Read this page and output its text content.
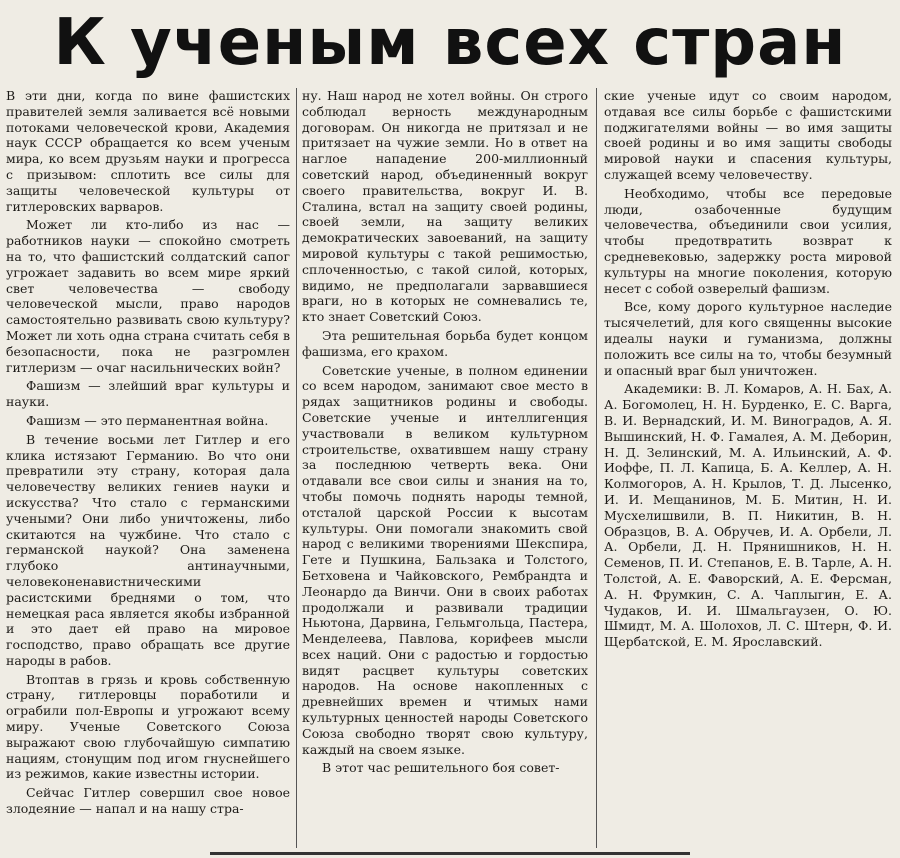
К ученым всех стран

В эти дни, когда по вине фашистских правителей земля заливается всё новыми потоками человеческой крови, Академия наук СССР обращается ко всем ученым мира, ко всем друзьям науки и прогресса с призывом: сплотить все силы для защиты человеческой культуры от гитлеровских варваров.

Может ли кто-либо из нас — работников науки — спокойно смотреть на то, что фашистский солдатский сапог угрожает задавить во всем мире яркий свет человечества — свободу человеческой мысли, право народов самостоятельно развивать свою культуру? Может ли хоть одна страна считать себя в безопасности, пока не разгромлен гитлеризм — очаг насильнических войн?

Фашизм — злейший враг культуры и науки.

Фашизм — это перманентная война.

В течение восьми лет Гитлер и его клика истязают Германию. Во что они превратили эту страну, которая дала человечеству великих гениев науки и искусства? Что стало с германскими учеными? Они либо уничтожены, либо скитаются на чужбине. Что стало с германской наукой? Она заменена глубоко антинаучными, человеконенавистническими расистскими бреднями о том, что немецкая раса является якобы избранной и это дает ей право на мировое господство, право обращать все другие народы в рабов.

Втоптав в грязь и кровь собственную страну, гитлеровцы поработили и ограбили пол-Европы и угрожают всему миру. Ученые Советского Союза выражают свою глубочайшую симпатию нациям, стонущим под игом гнуснейшего из режимов, какие известны истории.

Сейчас Гитлер совершил свое новое злодеяние — напал и на нашу стра-

ну. Наш народ не хотел войны. Он строго соблюдал верность международным договорам. Он никогда не притязал и не притязает на чужие земли. Но в ответ на наглое нападение 200-миллионный советский народ, объединенный вокруг своего правительства, вокруг И. В. Сталина, встал на защиту своей родины, своей земли, на защиту великих демократических завоеваний, на защиту мировой культуры с такой решимостью, сплоченностью, с такой силой, которых, видимо, не предполагали зарвавшиеся враги, но в которых не сомневались те, кто знает Советский Союз.

Эта решительная борьба будет концом фашизма, его крахом.

Советские ученые, в полном единении со всем народом, занимают свое место в рядах защитников родины и свободы. Советские ученые и интеллигенция участвовали в великом культурном строительстве, охватившем нашу страну за последнюю четверть века. Они отдавали все свои силы и знания на то, чтобы помочь поднять народы темной, отсталой царской России к высотам культуры. Они помогали знакомить свой народ с великими творениями Шекспира, Гете и Пушкина, Бальзака и Толстого, Бетховена и Чайковского, Рембрандта и Леонардо да Винчи. Они в своих работах продолжали и развивали традиции Ньютона, Дарвина, Гельмгольца, Пастера, Менделеева, Павлова, корифеев мысли всех наций. Они с радостью и гордостью видят расцвет культуры советских народов. На основе накопленных с древнейших времен и чтимых нами культурных ценностей народы Советского Союза свободно творят свою культуру, каждый на своем языке.

В этот час решительного боя совет-

ские ученые идут со своим народом, отдавая все силы борьбе с фашистскими поджигателями войны — во имя защиты своей родины и во имя защиты свободы мировой науки и спасения культуры, служащей всему человечеству.

Необходимо, чтобы все передовые люди, озабоченные будущим человечества, объединили свои усилия, чтобы предотвратить возврат к средневековью, задержку роста мировой культуры на многие поколения, которую несет с собой озверелый фашизм.

Все, кому дорого культурное наследие тысячелетий, для кого священны высокие идеалы науки и гуманизма, должны положить все силы на то, чтобы безумный и опасный враг был уничтожен.

Академики: В. Л. Комаров, А. Н. Бах, А. А. Богомолец, Н. Н. Бурденко, Е. С. Варга, В. И. Вернадский, И. М. Виноградов, А. Я. Вышинский, Н. Ф. Гамалея, А. М. Деборин, Н. Д. Зелинский, М. А. Ильинский, А. Ф. Иоффе, П. Л. Капица, Б. А. Келлер, А. Н. Колмогоров, А. Н. Крылов, Т. Д. Лысенко, И. И. Мещанинов, М. Б. Митин, Н. И. Мусхелишвили, В. П. Никитин, В. Н. Образцов, В. А. Обручев, И. А. Орбели, Л. А. Орбели, Д. Н. Прянишников, Н. Н. Семенов, П. И. Степанов, Е. В. Тарле, А. Н. Толстой, А. Е. Фаворский, А. Е. Ферсман, А. Н. Фрумкин, С. А. Чаплыгин, Е. А. Чудаков, И. И. Шмальгаузен, О. Ю. Шмидт, М. А. Шолохов, Л. С. Штерн, Ф. И. Щербатской, Е. М. Ярославский.
